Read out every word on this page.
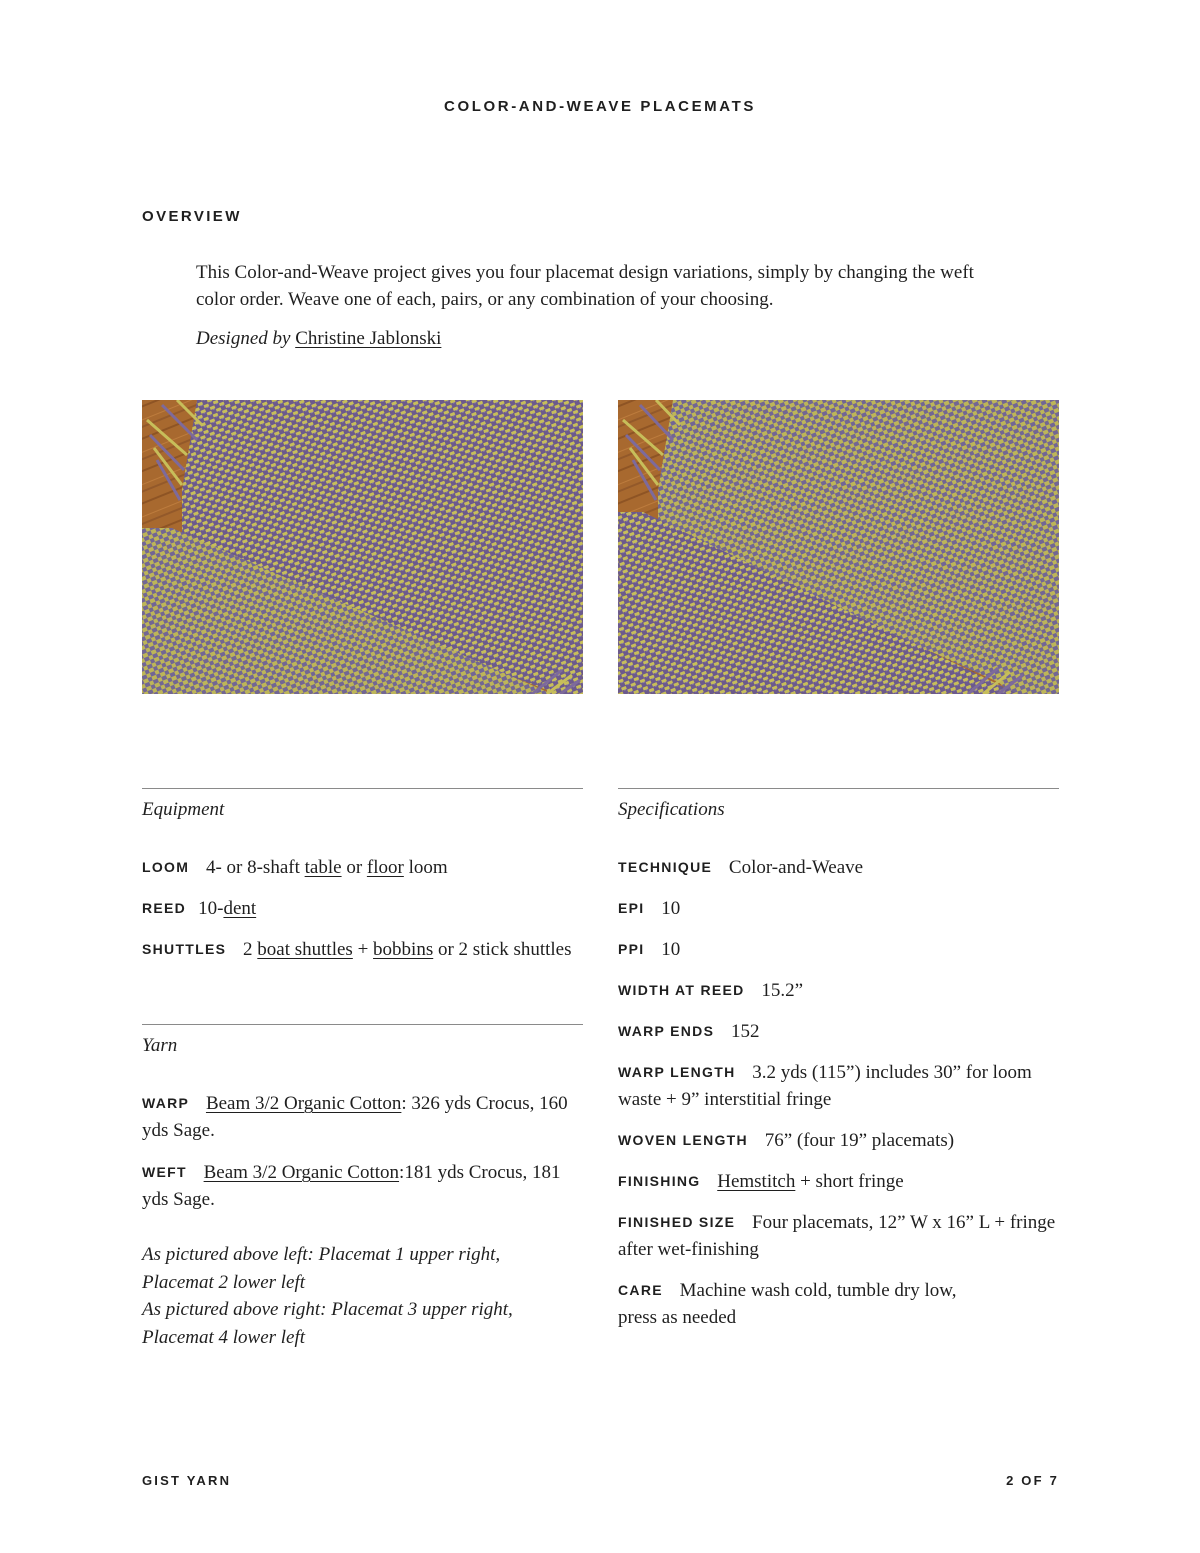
COLOR-AND-WEAVE PLACEMATS
OVERVIEW

This Color-and-Weave project gives you four placemat design variations, simply by changing the weft color order. Weave one of each, pairs, or any combination of your choosing.

Designed by Christine Jablonski
Equipment
LOOM 4- or 8-shaft table or floor loom
REED 10-dent
SHUTTLES 2 boat shuttles + bobbins or 2 stick shuttles
Yarn
WARP Beam 3/2 Organic Cotton: 326 yds Crocus, 160 yds Sage.
WEFT Beam 3/2 Organic Cotton:181 yds Crocus, 181 yds Sage.
As pictured above left: Placemat 1 upper right,
Placemat 2 lower left
As pictured above right: Placemat 3 upper right,
Placemat 4 lower left
Specifications
TECHNIQUE Color-and-Weave
EPI 10
PPI 10
WIDTH AT REED 15.2”
WARP ENDS 152
WARP LENGTH 3.2 yds (115”) includes 30” for loom waste + 9” interstitial fringe
WOVEN LENGTH 76” (four 19” placemats)
FINISHING Hemstitch + short fringe
FINISHED SIZE Four placemats, 12” W x 16” L + fringe after wet-finishing
CARE Machine wash cold, tumble dry low,
press as needed
GIST YARN	2 OF 7
